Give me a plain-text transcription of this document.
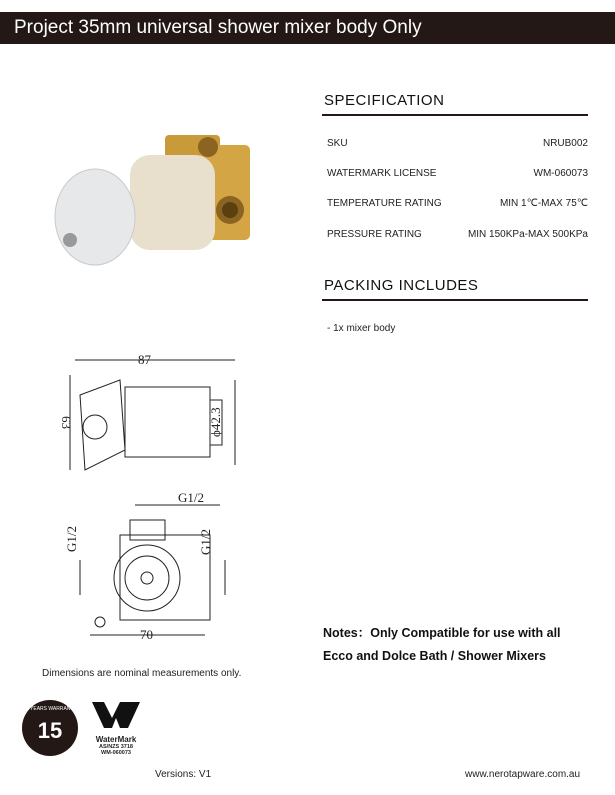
Project 35mm universal shower mixer body Only
SPECIFICATION
SKU	NRUB002
WATERMARK LICENSE	WM-060073
TEMPERATURE RATING	MIN 1℃-MAX 75℃
PRESSURE RATING	MIN 150KPa-MAX 500KPa
PACKING INCLUDES
- 1x mixer body
87
63	ϕ42.3
G1/2
G1/2	G1/2
70
Dimensions are nominal measurements only.
Notes：Only Compatible for use with all
Ecco and Dolce Bath / Shower Mixers
15 YEARS WARRANTY
15	WaterMark
AS/NZS 3718
WM-060073
Versions: V1	www.nerotapware.com.au
